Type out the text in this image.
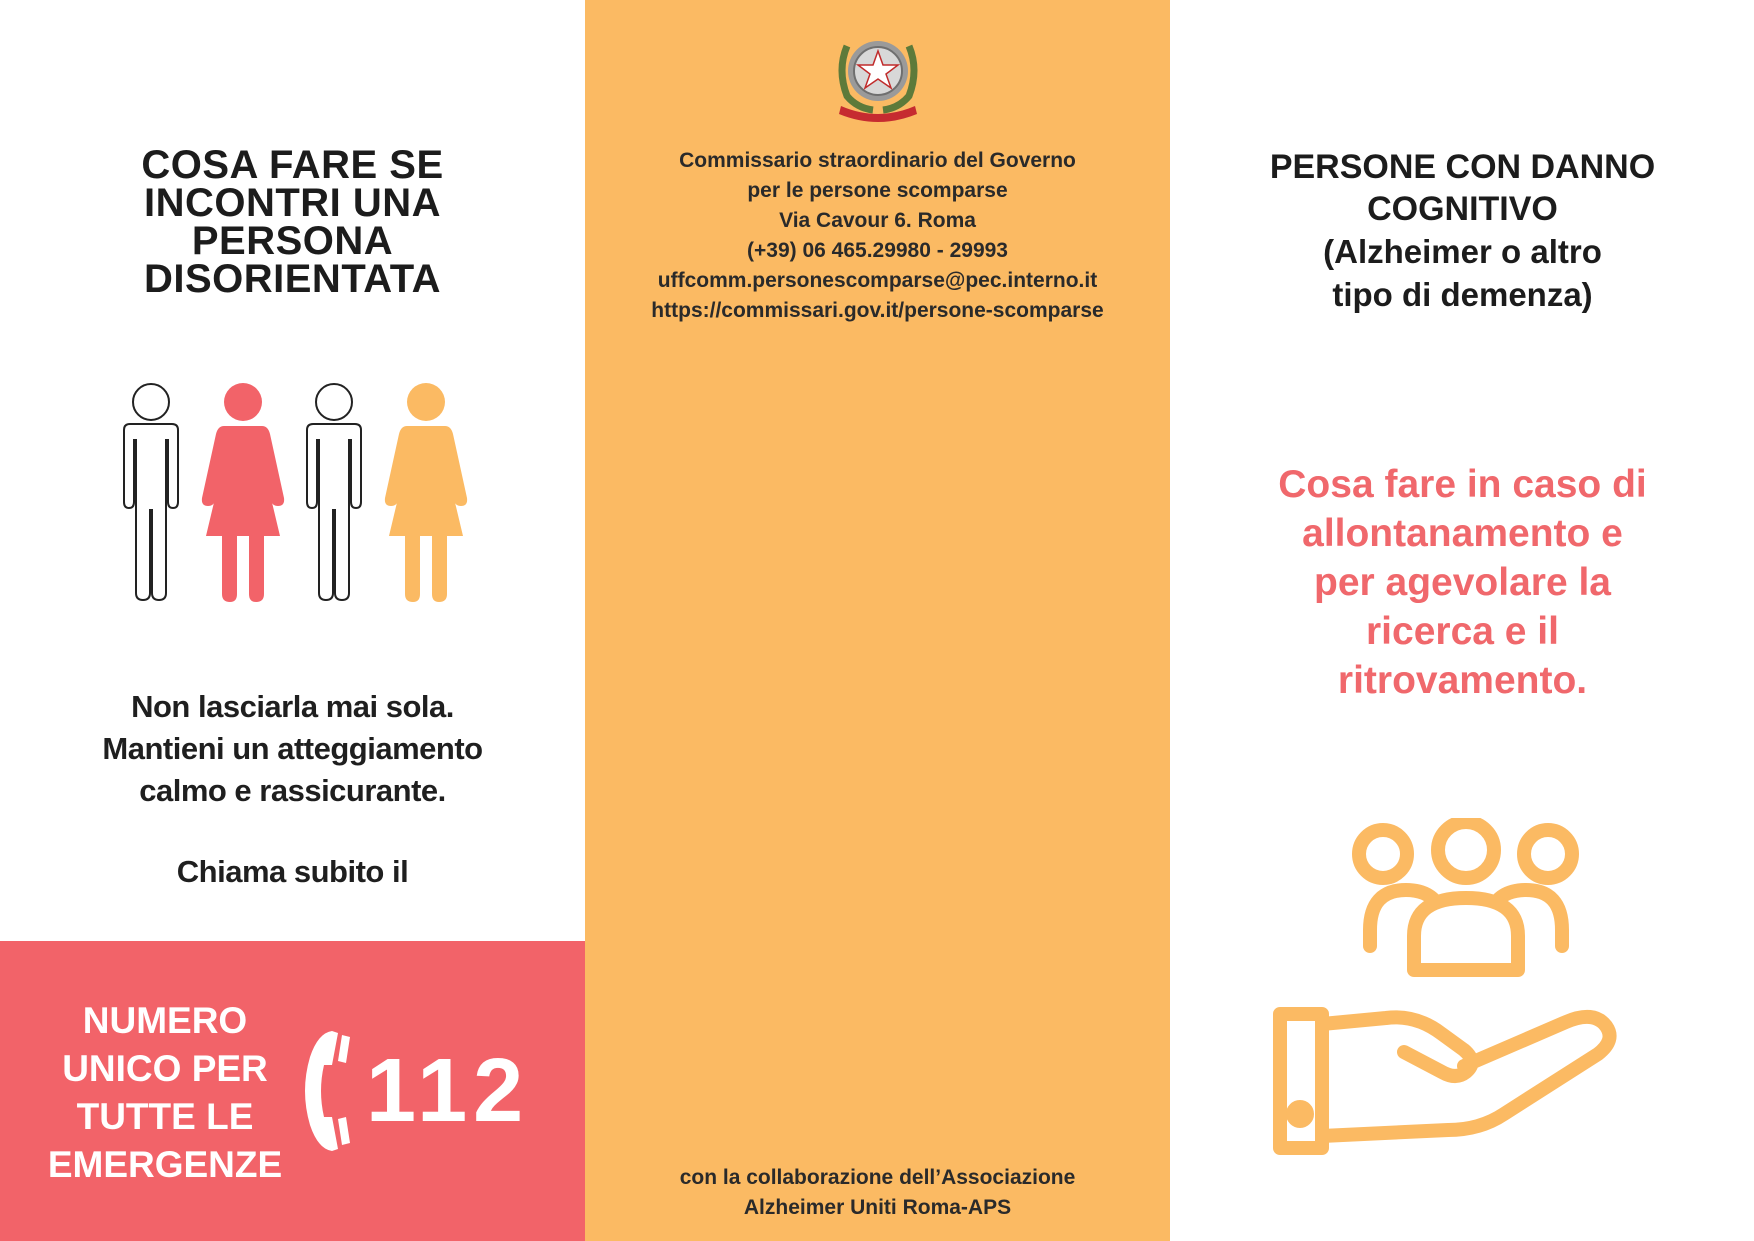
COSA FARE SE
INCONTRI UNA
PERSONA
DISORIENTATA
Non lasciarla mai sola.
Mantieni un atteggiamento
calmo e rassicurante.
Chiama subito il
NUMERO
UNICO PER
TUTTE LE
EMERGENZE
112
Commissario straordinario del Governo
per le persone scomparse
Via Cavour 6. Roma
(+39) 06 465.29980 - 29993
uffcomm.personescomparse@pec.interno.it
https://commissari.gov.it/persone-scomparse
con la collaborazione dell’Associazione
Alzheimer Uniti Roma-APS
PERSONE CON DANNO
COGNITIVO
(Alzheimer o altro
tipo di demenza)
Cosa fare in caso di
allontanamento e
per agevolare la
ricerca e il
ritrovamento.
